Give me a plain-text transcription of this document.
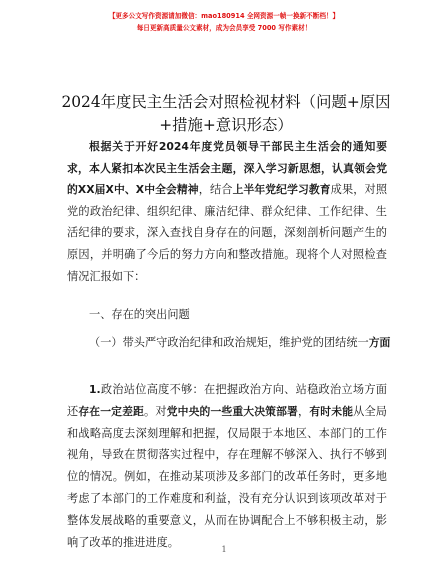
【更多公文写作资源请加微信：mao180914 全网资源一帧一换新不断档！】
每日更新高质量公文素材，成为会员享受 7000 写作素材！
2024年度民主生活会对照检视材料（问题+原因+措施+意识形态）
根据关于开好2024年度党员领导干部民主生活会的通知要求，本人紧扣本次民主生活会主题，深入学习新思想，认真领会党的XX届X中、X中全会精神，结合上半年党纪学习教育成果，对照党的政治纪律、组织纪律、廉洁纪律、群众纪律、工作纪律、生活纪律的要求，深入查找自身存在的问题，深刻剖析问题产生的原因，并明确了今后的努力方向和整改措施。现将个人对照检查情况汇报如下：
一、存在的突出问题
（一）带头严守政治纪律和政治规矩，维护党的团结统一方面
1.政治站位高度不够：在把握政治方向、站稳政治立场方面还存在一定差距。对党中央的一些重大决策部署，有时未能从全局和战略高度去深刻理解和把握，仅局限于本地区、本部门的工作视角，导致在贯彻落实过程中，存在理解不够深入、执行不够到位的情况。例如，在推动某项涉及多部门的改革任务时，更多地考虑了本部门的工作难度和利益，没有充分认识到该项改革对于整体发展战略的重要意义，从而在协调配合上不够积极主动，影响了改革的推进进度。
1
